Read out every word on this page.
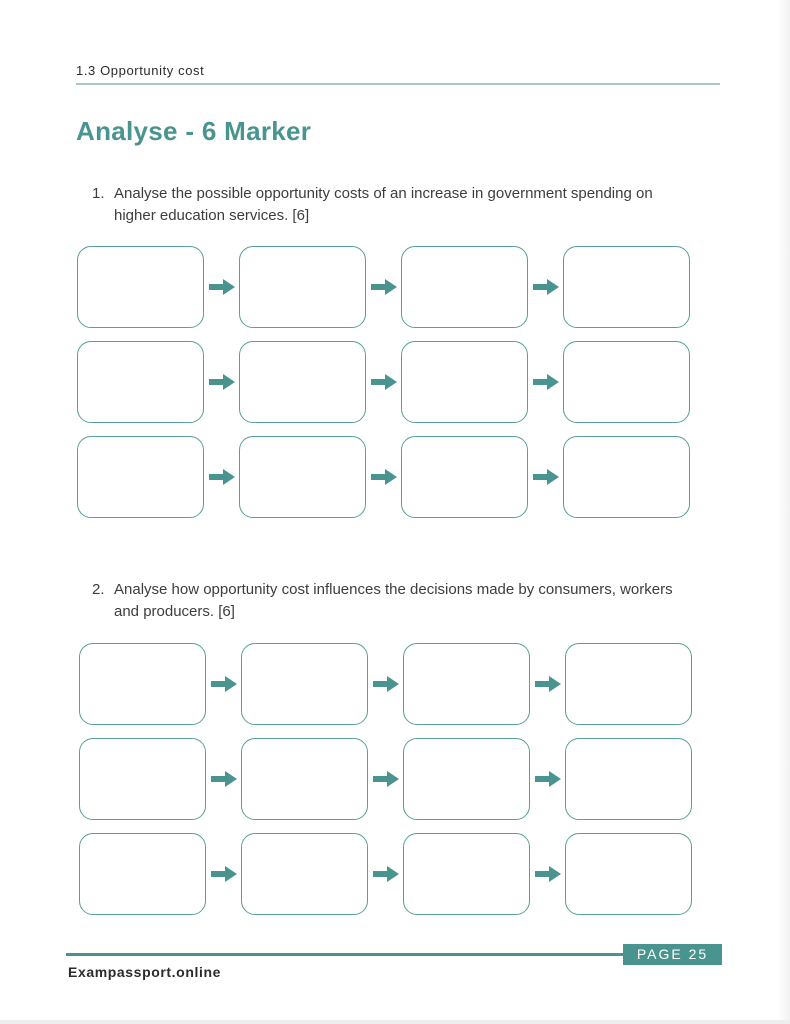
1.3 Opportunity cost
Analyse - 6 Marker
1. Analyse the possible opportunity costs of an increase in government spending on higher education services. [6]
2. Analyse how opportunity cost influences the decisions made by consumers, workers and producers. [6]
PAGE 25
Exampassport.online
